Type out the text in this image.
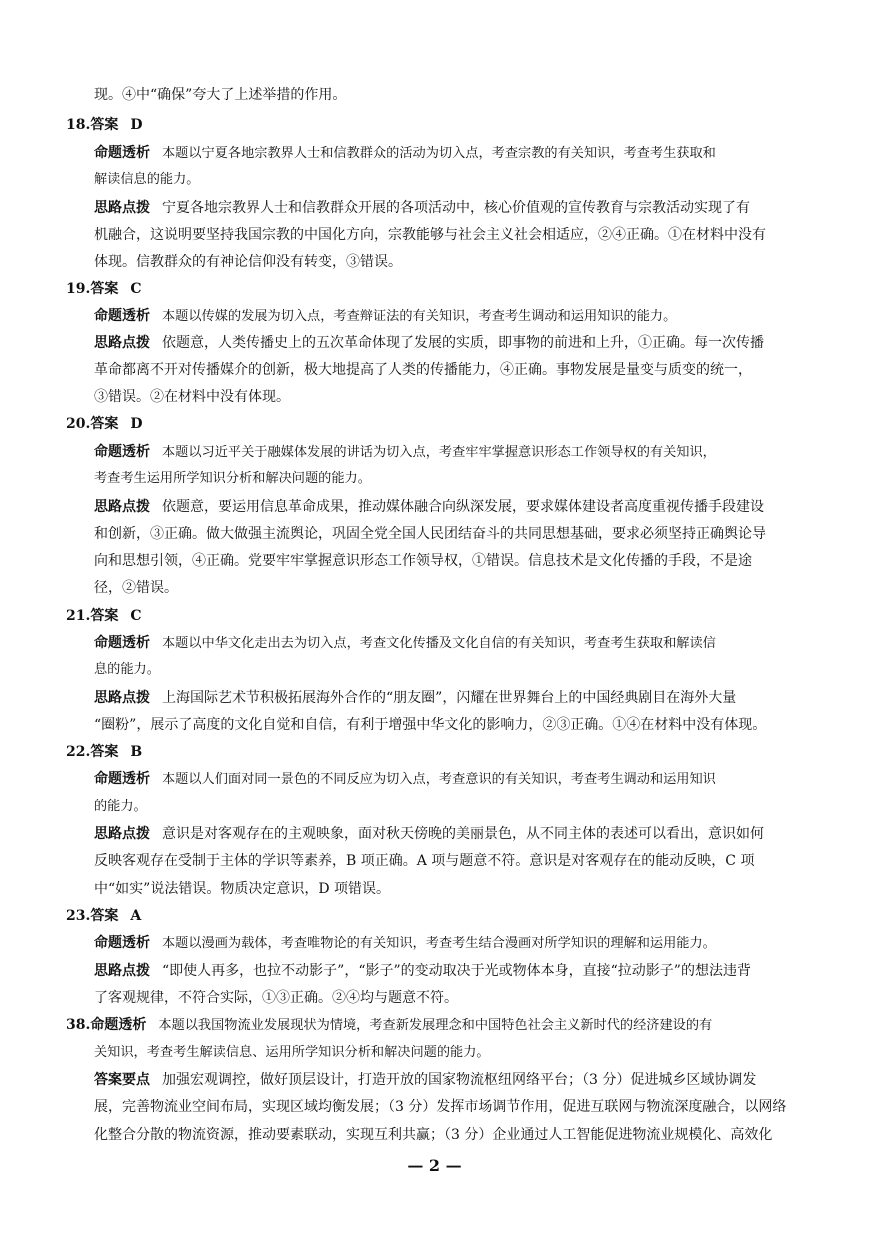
现。④中“确保”夸大了上述举措的作用。
18.答案 D
命题透析 本题以宁夏各地宗教界人士和信教群众的活动为切入点，考查宗教的有关知识，考查考生获取和
解读信息的能力。
思路点拨 宁夏各地宗教界人士和信教群众开展的各项活动中，核心价值观的宣传教育与宗教活动实现了有
机融合，这说明要坚持我国宗教的中国化方向，宗教能够与社会主义社会相适应，②④正确。①在材料中没有
体现。信教群众的有神论信仰没有转变，③错误。
19.答案 C
命题透析 本题以传媒的发展为切入点，考查辩证法的有关知识，考查考生调动和运用知识的能力。
思路点拨 依题意，人类传播史上的五次革命体现了发展的实质，即事物的前进和上升，①正确。每一次传播
革命都离不开对传播媒介的创新，极大地提高了人类的传播能力，④正确。事物发展是量变与质变的统一，
③错误。②在材料中没有体现。
20.答案 D
命题透析 本题以习近平关于融媒体发展的讲话为切入点，考查牢牢掌握意识形态工作领导权的有关知识，
考查考生运用所学知识分析和解决问题的能力。
思路点拨 依题意，要运用信息革命成果，推动媒体融合向纵深发展，要求媒体建设者高度重视传播手段建设
和创新，③正确。做大做强主流舆论，巩固全党全国人民团结奋斗的共同思想基础，要求必须坚持正确舆论导
向和思想引领，④正确。党要牢牢掌握意识形态工作领导权，①错误。信息技术是文化传播的手段，不是途
径，②错误。
21.答案 C
命题透析 本题以中华文化走出去为切入点，考查文化传播及文化自信的有关知识，考查考生获取和解读信
息的能力。
思路点拨 上海国际艺术节积极拓展海外合作的“朋友圈”，闪耀在世界舞台上的中国经典剧目在海外大量
“圈粉”，展示了高度的文化自觉和自信，有利于增强中华文化的影响力，②③正确。①④在材料中没有体现。
22.答案 B
命题透析 本题以人们面对同一景色的不同反应为切入点，考查意识的有关知识，考查考生调动和运用知识
的能力。
思路点拨 意识是对客观存在的主观映象，面对秋天傍晚的美丽景色，从不同主体的表述可以看出，意识如何
反映客观存在受制于主体的学识等素养，B 项正确。A 项与题意不符。意识是对客观存在的能动反映，C 项
中“如实”说法错误。物质决定意识，D 项错误。
23.答案 A
命题透析 本题以漫画为载体，考查唯物论的有关知识，考查考生结合漫画对所学知识的理解和运用能力。
思路点拨 “即使人再多，也拉不动影子”，“影子”的变动取决于光或物体本身，直接“拉动影子”的想法违背
了客观规律，不符合实际，①③正确。②④均与题意不符。
38.命题透析 本题以我国物流业发展现状为情境，考查新发展理念和中国特色社会主义新时代的经济建设的有
关知识，考查考生解读信息、运用所学知识分析和解决问题的能力。
答案要点 加强宏观调控，做好顶层设计，打造开放的国家物流枢纽网络平台；（3 分）促进城乡区域协调发
展，完善物流业空间布局，实现区域均衡发展；（3 分）发挥市场调节作用，促进互联网与物流深度融合，以网络
化整合分散的物流资源，推动要素联动，实现互利共赢；（3 分）企业通过人工智能促进物流业规模化、高效化
— 2 —
